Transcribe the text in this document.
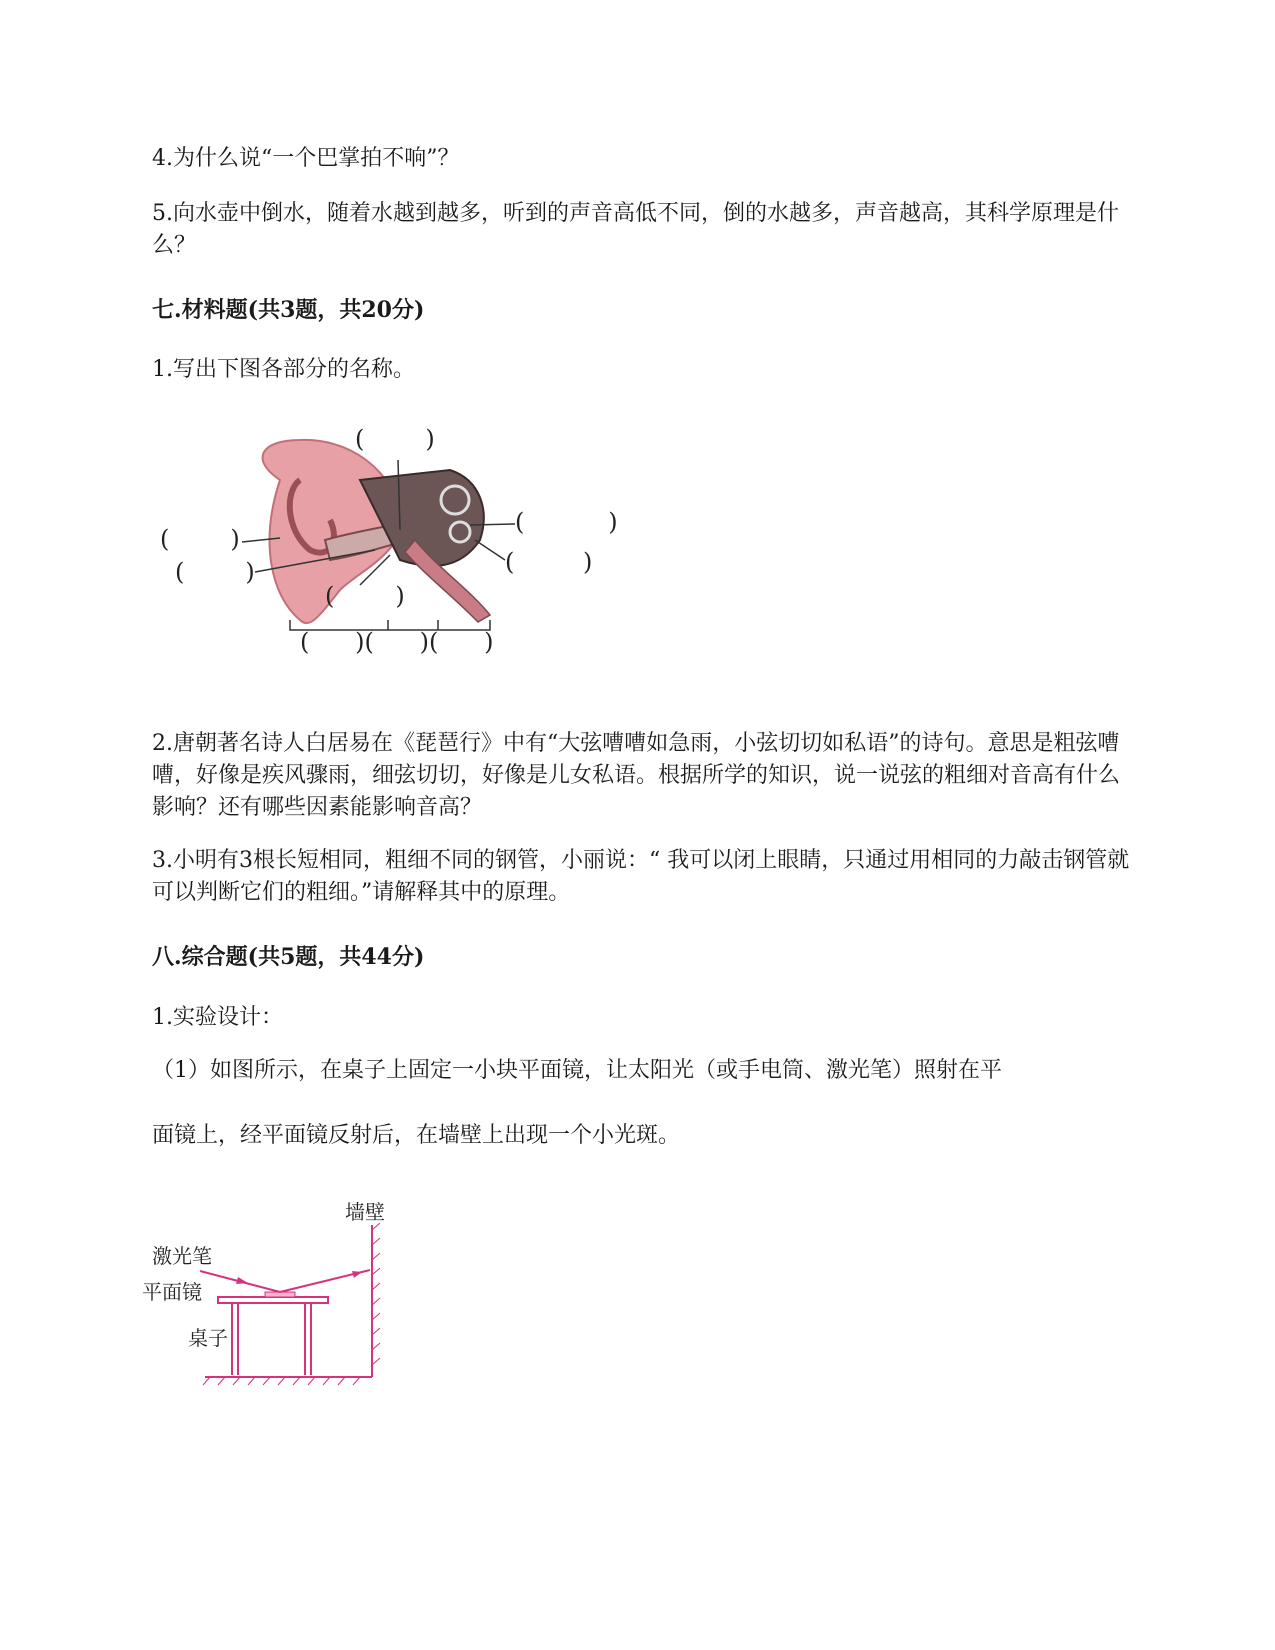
4.为什么说“一个巴掌拍不响”？

5.向水壶中倒水，随着水越到越多，听到的声音高低不同，倒的水越多，声音越高，其科学原理是什么？

七.材料题(共3题，共20分)

1.写出下图各部分的名称。

(        )
(        )
(        )
(           )
(         )
(        )
(      )(      )(      )

2.唐朝著名诗人白居易在《琵琶行》中有“大弦嘈嘈如急雨，小弦切切如私语”的诗句。意思是粗弦嘈嘈，好像是疾风骤雨，细弦切切，好像是儿女私语。根据所学的知识，说一说弦的粗细对音高有什么影响？还有哪些因素能影响音高？

3.小明有3根长短相同，粗细不同的钢管，小丽说：“ 我可以闭上眼睛，只通过用相同的力敲击钢管就可以判断它们的粗细。”请解释其中的原理。

八.综合题(共5题，共44分)

1.实验设计：

（1）如图所示，在桌子上固定一小块平面镜，让太阳光（或手电筒、激光笔）照射在平

面镜上，经平面镜反射后，在墙壁上出现一个小光斑。

墙壁
激光笔
平面镜
桌子
